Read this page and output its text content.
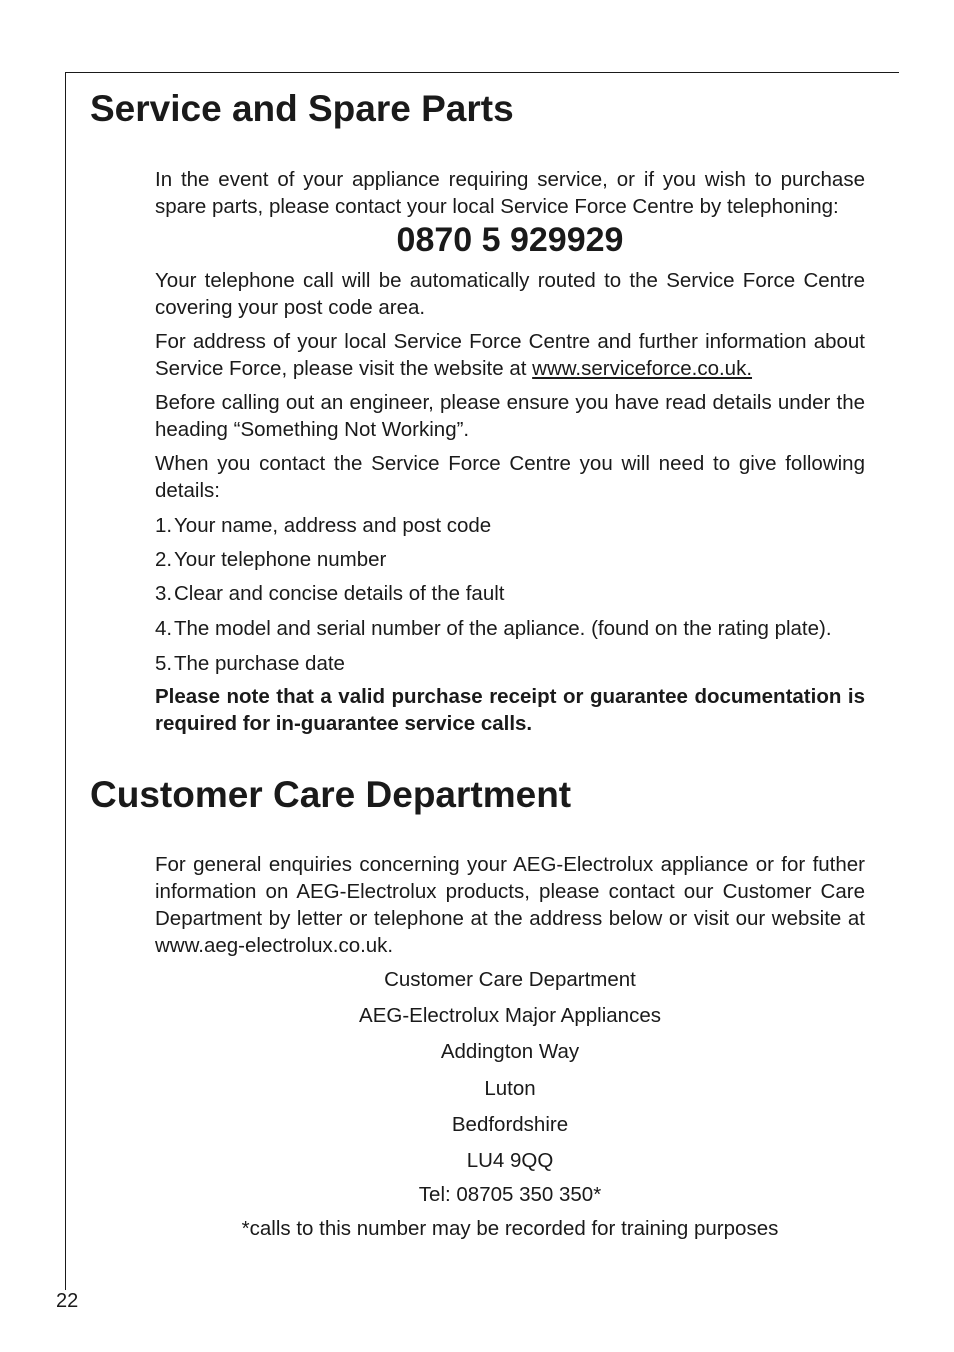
Service and Spare Parts

In the event of your appliance requiring service, or if you wish to purchase spare parts, please contact your local Service Force Centre by telephoning:

0870 5 929929

Your telephone call will be automatically routed to the Service Force Centre covering your post code area.

For address of your local Service Force Centre and further information about Service Force, please visit the website at www.serviceforce.co.uk.

Before calling out an engineer, please ensure you have read details under the heading “Something Not Working”.

When you contact the Service Force Centre you will need to give following details:

1.Your name, address and post code
2.Your telephone number
3.Clear and concise details of the fault
4.The model and serial number of the apliance. (found on the rating plate).
5.The purchase date

Please note that a valid purchase receipt or guarantee documentation is required for in-guarantee service calls.

Customer Care Department

For general enquiries concerning your AEG-Electrolux appliance or for futher information on AEG-Electrolux products, please contact our Customer Care Department by letter or telephone at the address below or visit our website at www.aeg-electrolux.co.uk.

Customer Care Department
AEG-Electrolux Major Appliances
Addington Way
Luton
Bedfordshire
LU4 9QQ
Tel: 08705 350 350*
*calls to this number may be recorded for training purposes
22
